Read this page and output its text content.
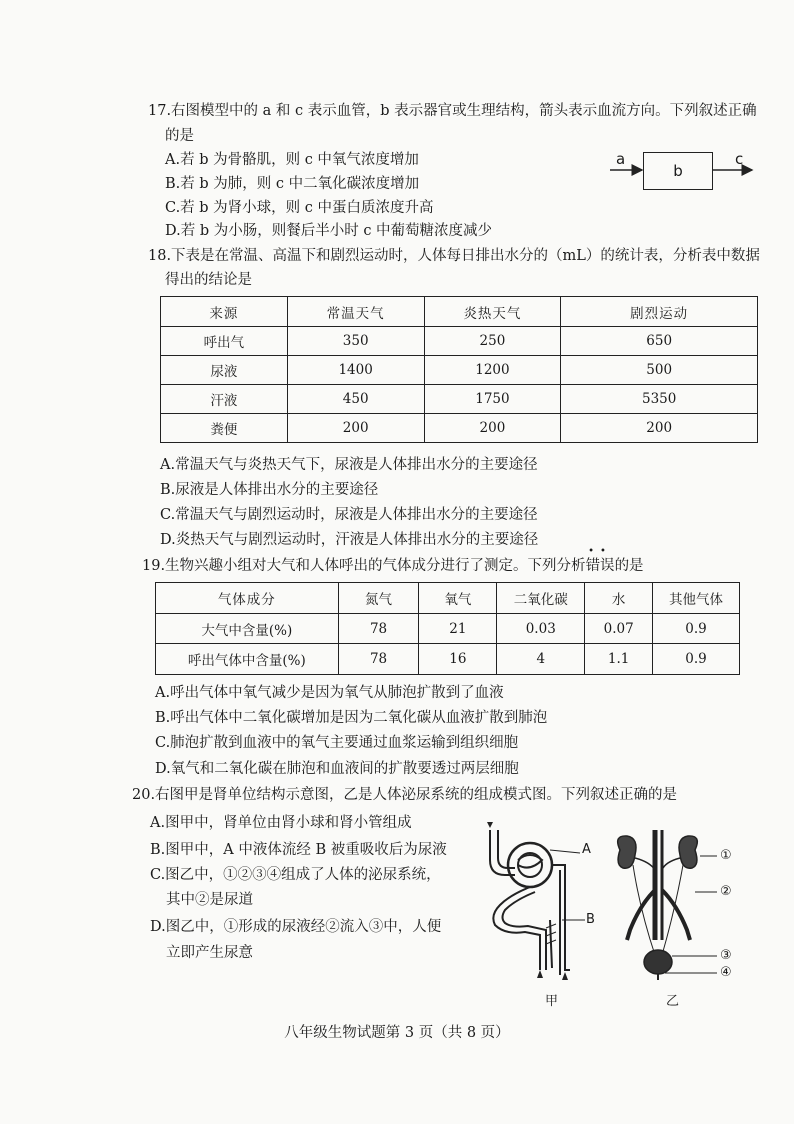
17.右图模型中的 a 和 c 表示血管，b 表示器官或生理结构，箭头表示血流方向。下列叙述正确
的是
A.若 b 为骨骼肌，则 c 中氧气浓度增加
B.若 b 为肺，则 c 中二氧化碳浓度增加
C.若 b 为肾小球，则 c 中蛋白质浓度升高
D.若 b 为小肠，则餐后半小时 c 中葡萄糖浓度减少
a
b
c
18.下表是在常温、高温下和剧烈运动时，人体每日排出水分的（mL）的统计表，分析表中数据
得出的结论是
来源	常温天气	炎热天气	剧烈运动
呼出气	350	250	650
尿液	1400	1200	500
汗液	450	1750	5350
粪便	200	200	200
A.常温天气与炎热天气下，尿液是人体排出水分的主要途径
B.尿液是人体排出水分的主要途径
C.常温天气与剧烈运动时，尿液是人体排出水分的主要途径
D.炎热天气与剧烈运动时，汗液是人体排出水分的主要途径
19.生物兴趣小组对大气和人体呼出的气体成分进行了测定。下列分析
••
错误的是
气体成分	氮气	氧气	二氧化碳	水	其他气体
大气中含量(%)	78	21	0.03	0.07	0.9
呼出气体中含量(%)	78	16	4	1.1	0.9
A.呼出气体中氧气减少是因为氧气从肺泡扩散到了血液
B.呼出气体中二氧化碳增加是因为二氧化碳从血液扩散到肺泡
C.肺泡扩散到血液中的氧气主要通过血浆运输到组织细胞
D.氧气和二氧化碳在肺泡和血液间的扩散要透过两层细胞
20.右图甲是肾单位结构示意图，乙是人体泌尿系统的组成模式图。下列叙述正确的是
A.图甲中，肾单位由肾小球和肾小管组成
B.图甲中，A 中液体流经 B 被重吸收后为尿液
C.图乙中，①②③④组成了人体的泌尿系统，
其中②是尿道
D.图乙中，①形成的尿液经②流入③中，人便
立即产生尿意
A
B
甲
①
②
③
④
乙
八年级生物试题第 3 页（共 8 页）
